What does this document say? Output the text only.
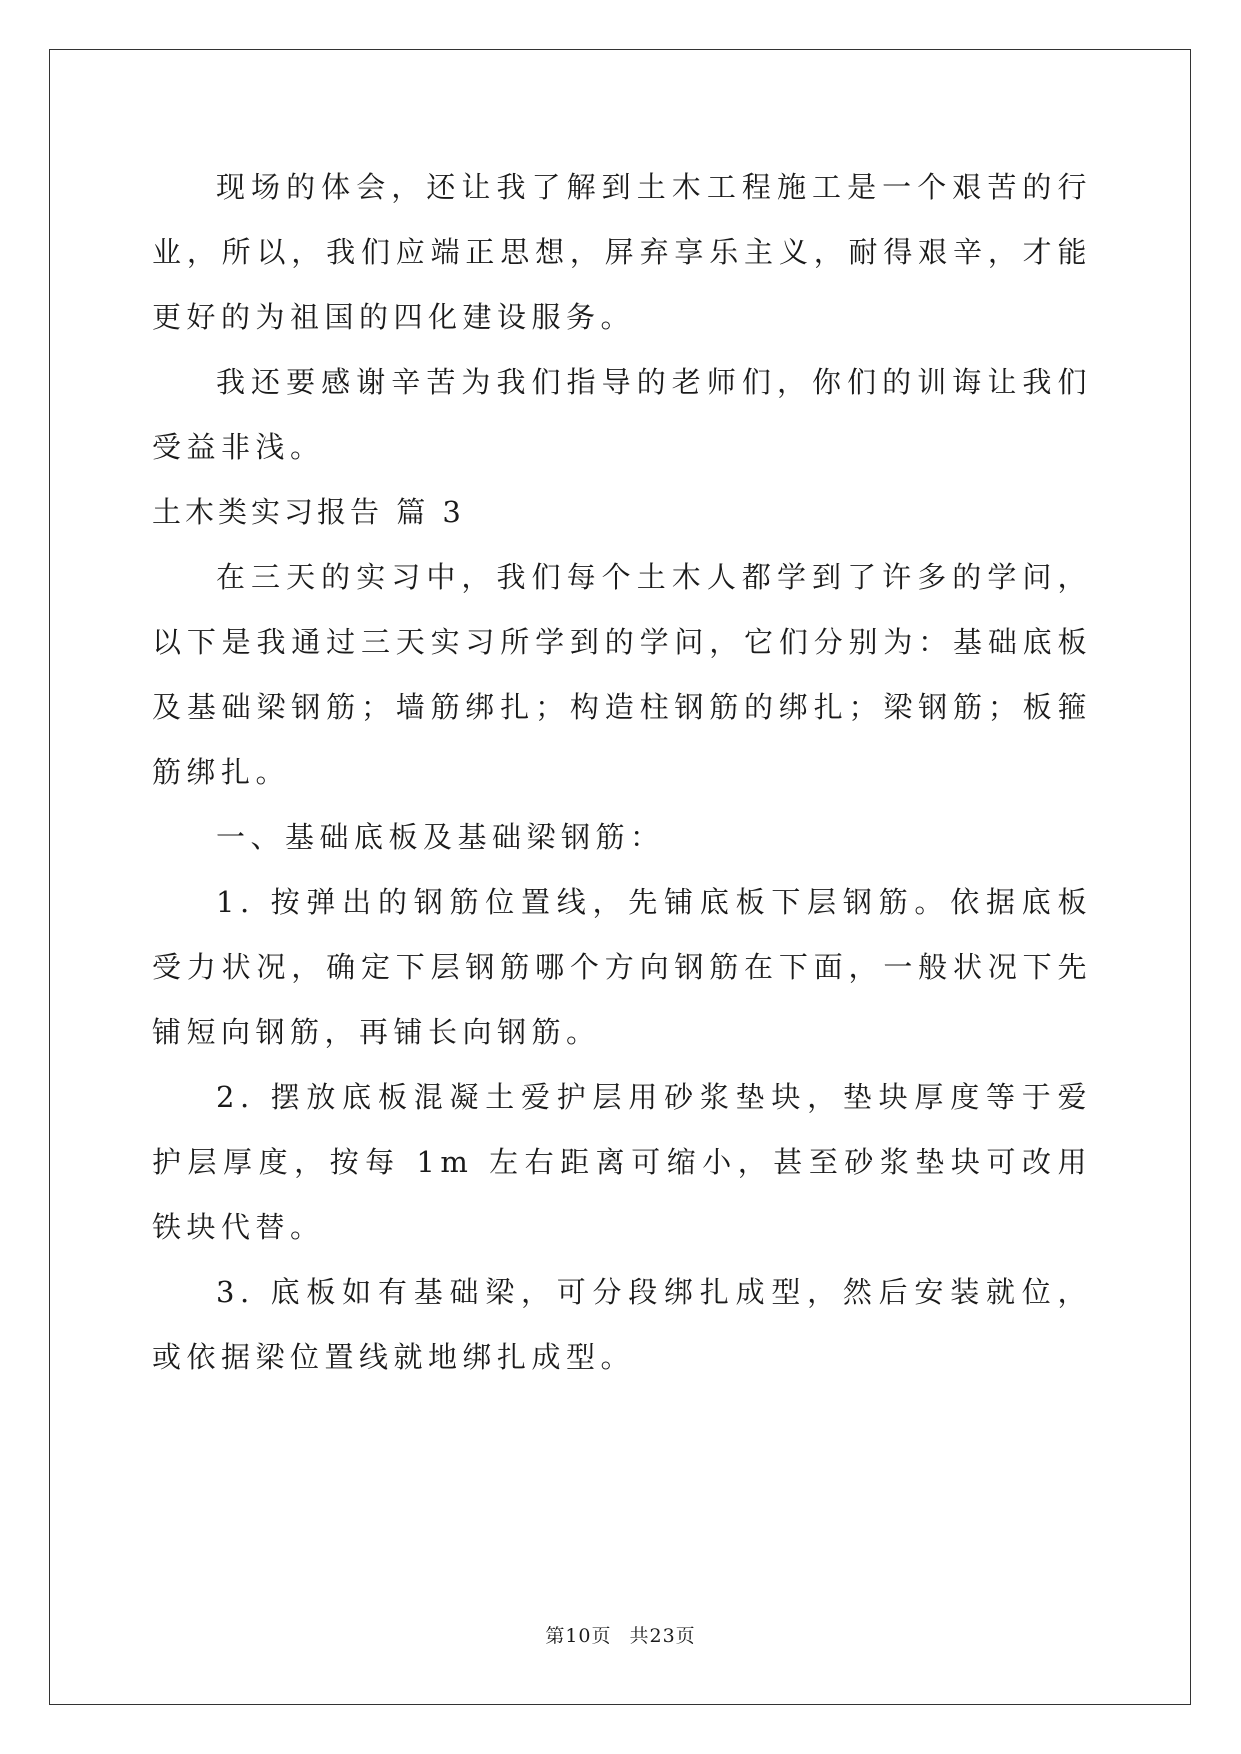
现场的体会，还让我了解到土木工程施工是一个艰苦的行业，所以，我们应端正思想，屏弃享乐主义，耐得艰辛，才能更好的为祖国的四化建设服务。

我还要感谢辛苦为我们指导的老师们，你们的训诲让我们受益非浅。

土木类实习报告 篇 3

在三天的实习中，我们每个土木人都学到了许多的学问，以下是我通过三天实习所学到的学问，它们分别为：基础底板及基础梁钢筋；墙筋绑扎；构造柱钢筋的绑扎；梁钢筋；板箍筋绑扎。

一、基础底板及基础梁钢筋：

1. 按弹出的钢筋位置线，先铺底板下层钢筋。依据底板受力状况，确定下层钢筋哪个方向钢筋在下面，一般状况下先铺短向钢筋，再铺长向钢筋。

2. 摆放底板混凝土爱护层用砂浆垫块，垫块厚度等于爱护层厚度，按每 1m 左右距离可缩小，甚至砂浆垫块可改用铁块代替。

3. 底板如有基础梁，可分段绑扎成型，然后安装就位，或依据梁位置线就地绑扎成型。

第10页 共23页
